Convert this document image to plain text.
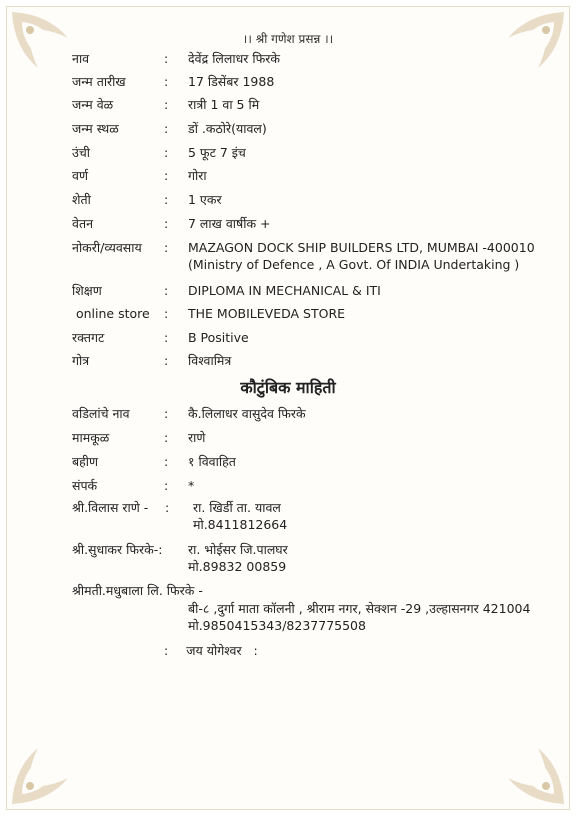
।। श्री गणेश प्रसन्न ।।
नाव	: देवेंद्र लिलाधर फिरके
जन्म तारीख	: 17 डिसेंबर 1988
जन्म वेळ	: रात्री 1 वा 5 मि
जन्म स्थळ	: डों .कठोरे(यावल)
उंची	: 5 फूट 7 इंच
वर्ण	: गोरा
शेती	: 1 एकर
वेतन	: 7 लाख वार्षीक +
नोकरी/व्यवसाय	: MAZAGON DOCK SHIP BUILDERS LTD, MUMBAI -400010
(Ministry of Defence , A Govt. Of INDIA Undertaking )
शिक्षण	: DIPLOMA IN MECHANICAL & ITI
online store	: THE MOBILEVEDA STORE
रक्तगट	: B Positive
गोत्र	: विश्वामित्र
कौटुंबिक माहिती
वडिलांचे नाव	: कै.लिलाधर वासुदेव फिरके
मामकूळ	: राणे
बहीण	: १ विवाहित
संपर्क	: *
श्री.विलास राणे - : रा. खिर्डी ता. यावल
मो.8411812664
श्री.सुधाकर फिरके-: रा. भोईसर जि.पालघर
मो.89832 00859
श्रीमती.मधुबाला लि. फिरके -
बी-८ ,दुर्गा माता कॉलनी , श्रीराम नगर, सेक्शन -29 ,उल्हासनगर 421004
मो.9850415343/8237775508
: जय योगेश्वर   :
